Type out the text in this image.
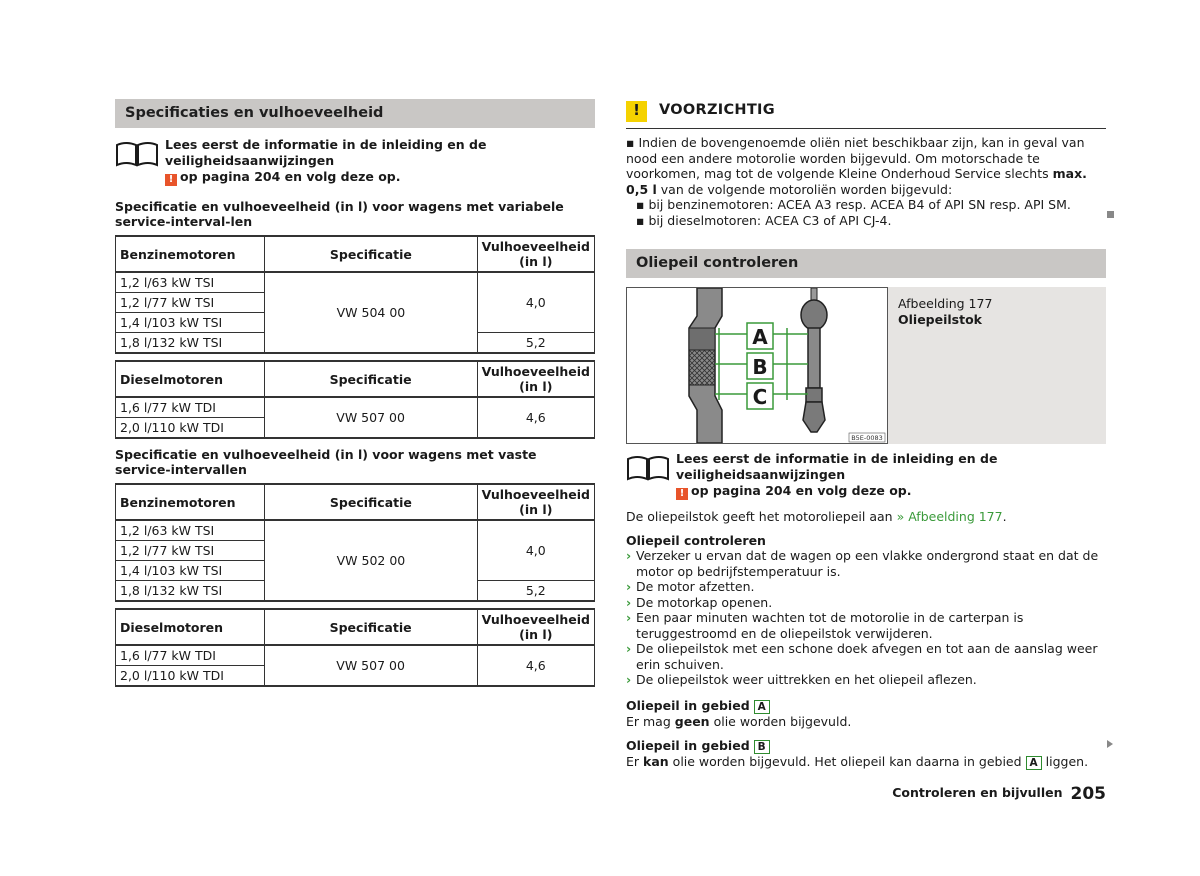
Specificaties en vulhoeveelheid
Lees eerst de informatie in de inleiding en de veiligheidsaanwijzingen
! op pagina 204 en volg deze op.
Specificatie en vulhoeveelheid (in l) voor wagens met variabele service-interval-len
Benzinemotoren	Specificatie	Vulhoeveelheid (in l)
1,2 l/63 kW TSI	VW 504 00	4,0
1,2 l/77 kW TSI		
1,4 l/103 kW TSI		
1,8 l/132 kW TSI		5,2
Dieselmotoren	Specificatie	Vulhoeveelheid (in l)
1,6 l/77 kW TDI	VW 507 00	4,6
2,0 l/110 kW TDI		
Specificatie en vulhoeveelheid (in l) voor wagens met vaste service-intervallen
Benzinemotoren	Specificatie	Vulhoeveelheid (in l)
1,2 l/63 kW TSI	VW 502 00	4,0
1,2 l/77 kW TSI		
1,4 l/103 kW TSI		
1,8 l/132 kW TSI		5,2
Dieselmotoren	Specificatie	Vulhoeveelheid (in l)
1,6 l/77 kW TDI	VW 507 00	4,6
2,0 l/110 kW TDI		
!	VOORZICHTIG
▪ Indien de bovengenoemde oliën niet beschikbaar zijn, kan in geval van nood een andere motorolie worden bijgevuld. Om motorschade te voorkomen, mag tot de volgende Kleine Onderhoud Service slechts max. 0,5 l van de volgende motoroliën worden bijgevuld:
▪ bij benzinemotoren: ACEA A3 resp. ACEA B4 of API SN resp. API SM.
▪ bij dieselmotoren: ACEA C3 of API CJ-4.
Oliepeil controleren
A
B
C
B5E-0083
Afbeelding 177
Oliepeilstok
Lees eerst de informatie in de inleiding en de veiligheidsaanwijzingen
! op pagina 204 en volg deze op.
De oliepeilstok geeft het motoroliepeil aan » Afbeelding 177.
Oliepeil controleren
› Verzeker u ervan dat de wagen op een vlakke ondergrond staat en dat de motor op bedrijfstemperatuur is.
› De motor afzetten.
› De motorkap openen.
› Een paar minuten wachten tot de motorolie in de carterpan is teruggestroomd en de oliepeilstok verwijderen.
› De oliepeilstok met een schone doek afvegen en tot aan de aanslag weer erin schuiven.
› De oliepeilstok weer uittrekken en het oliepeil aflezen.
Oliepeil in gebied A
Er mag geen olie worden bijgevuld.
Oliepeil in gebied B
Er kan olie worden bijgevuld. Het oliepeil kan daarna in gebied A liggen.
Controleren en bijvullen 205
